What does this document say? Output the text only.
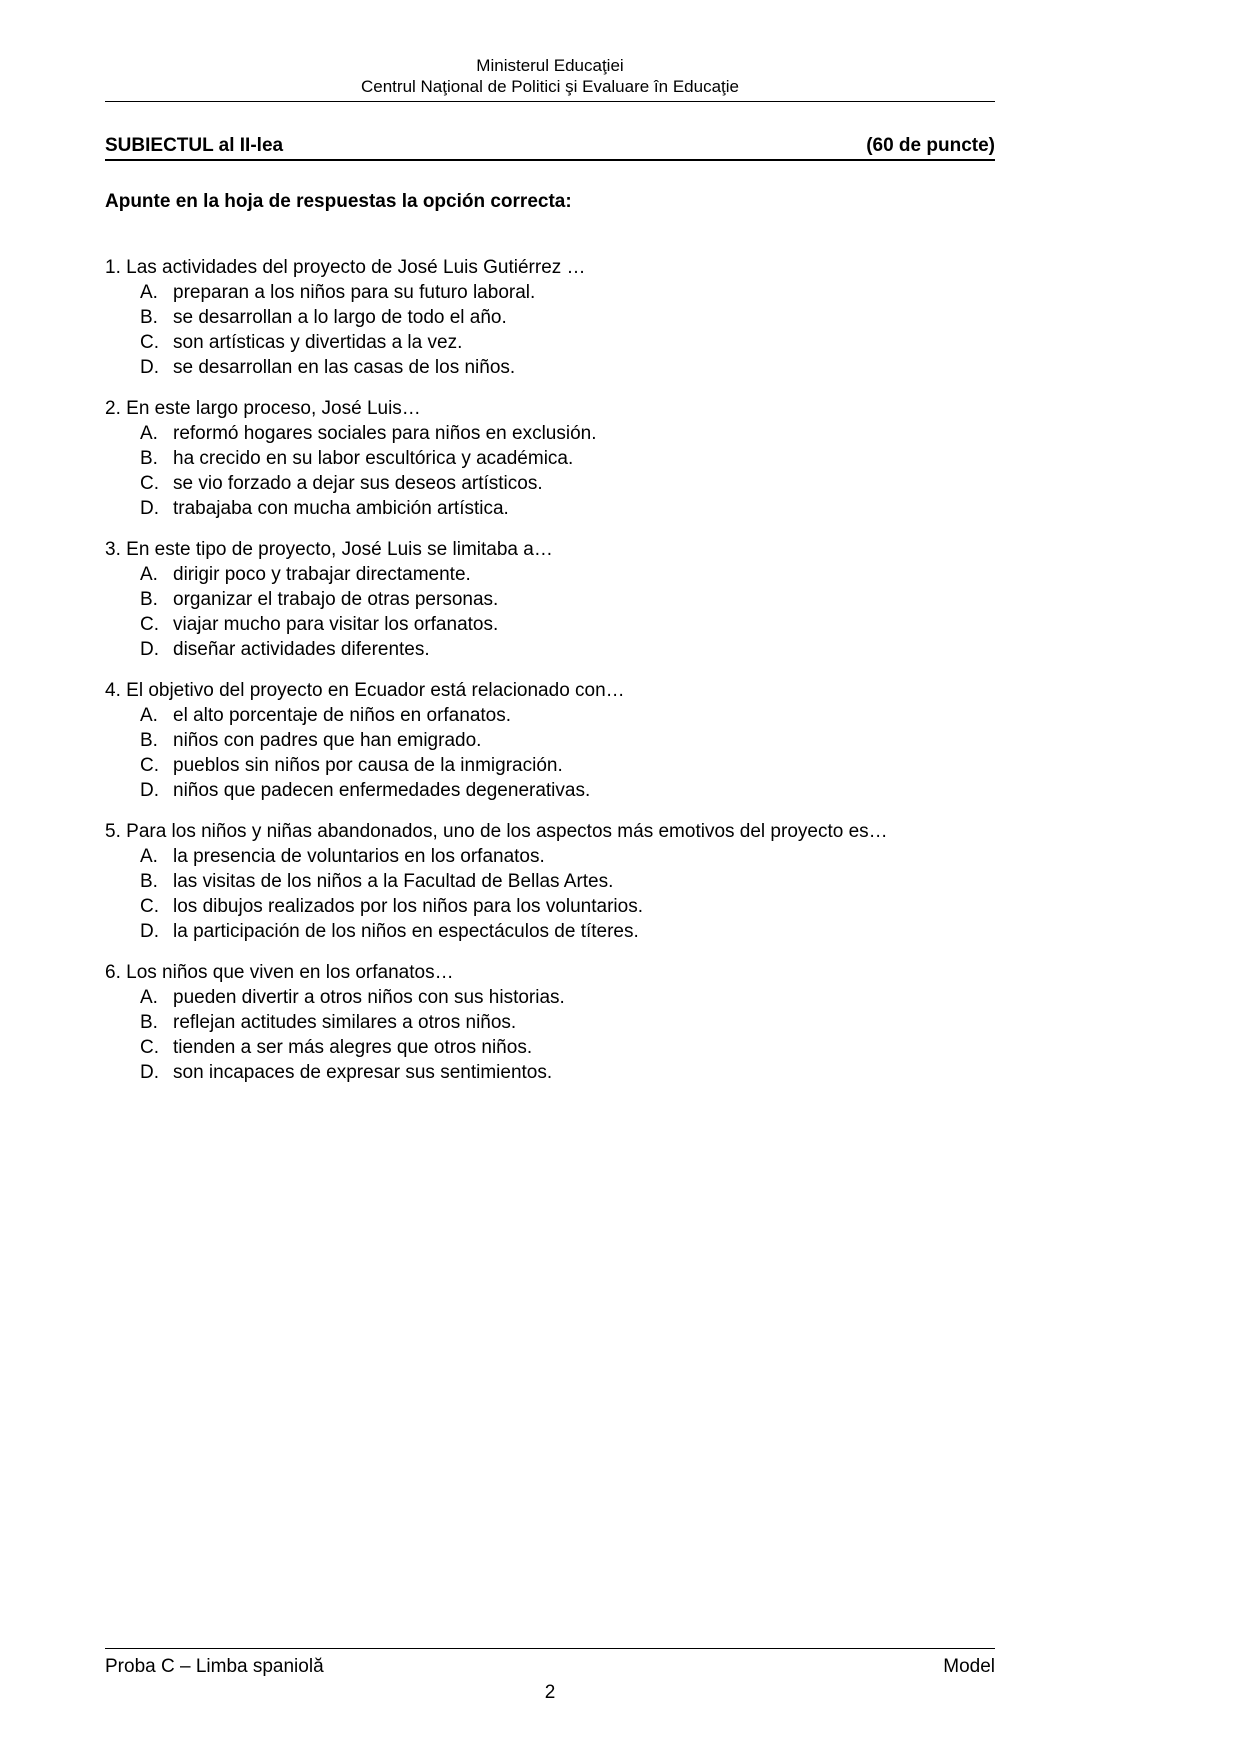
Ministerul Educaţiei
Centrul Naţional de Politici şi Evaluare în Educaţie
SUBIECTUL al II-lea	(60 de puncte)
Apunte en la hoja de respuestas la opción correcta:
1. Las actividades del proyecto de José Luis Gutiérrez …
A. preparan a los niños para su futuro laboral.
B. se desarrollan a lo largo de todo el año.
C. son artísticas y divertidas a la vez.
D. se desarrollan en las casas de los niños.
2. En este largo proceso, José Luis…
A. reformó hogares sociales para niños en exclusión.
B. ha crecido en su labor escultórica y académica.
C. se vio forzado a dejar sus deseos artísticos.
D. trabajaba con mucha ambición artística.
3. En este tipo de proyecto, José Luis se limitaba a…
A. dirigir poco y trabajar directamente.
B. organizar el trabajo de otras personas.
C. viajar mucho para visitar los orfanatos.
D. diseñar actividades diferentes.
4. El objetivo del proyecto en Ecuador está relacionado con…
A. el alto porcentaje de niños en orfanatos.
B. niños con padres que han emigrado.
C. pueblos sin niños por causa de la inmigración.
D. niños que padecen enfermedades degenerativas.
5. Para los niños y niñas abandonados, uno de los aspectos más emotivos del proyecto es…
A. la presencia de voluntarios en los orfanatos.
B. las visitas de los niños a la Facultad de Bellas Artes.
C. los dibujos realizados por los niños para los voluntarios.
D. la participación de los niños en espectáculos de títeres.
6. Los niños que viven en los orfanatos…
A. pueden divertir a otros niños con sus historias.
B. reflejan actitudes similares a otros niños.
C. tienden a ser más alegres que otros niños.
D. son incapaces de expresar sus sentimientos.
Proba C – Limba spaniolă	Model
2
